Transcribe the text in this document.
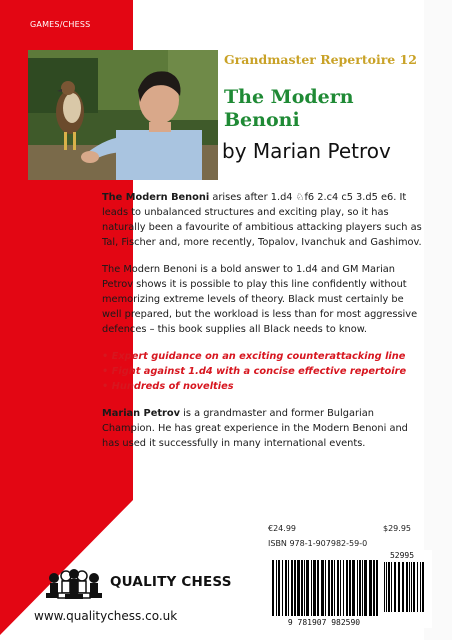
GAMES/CHESS
Grandmaster Repertoire 12
The Modern Benoni
by Marian Petrov

The Modern Benoni arises after 1.d4 ♘f6 2.c4 c5 3.d5 e6. It leads to unbalanced structures and exciting play, so it has naturally been a favourite of ambitious attacking players such as Tal, Fischer and, more recently, Topalov, Ivanchuk and Gashimov.

The Modern Benoni is a bold answer to 1.d4 and GM Marian Petrov shows it is possible to play this line confidently without memorizing extreme levels of theory. Black must certainly be well prepared, but the workload is less than for most aggressive defences – this book supplies all Black needs to know.

• Expert guidance on an exciting counterattacking line
• Fight against 1.d4 with a concise effective repertoire
• Hundreds of novelties

Marian Petrov is a grandmaster and former Bulgarian Champion. He has great experience in the Modern Benoni and has used it successfully in many international events.

€24.99	$29.95
ISBN 978-1-907982-59-0
52995
9 781907 982590
QUALITY CHESS
www.qualitychess.co.uk
